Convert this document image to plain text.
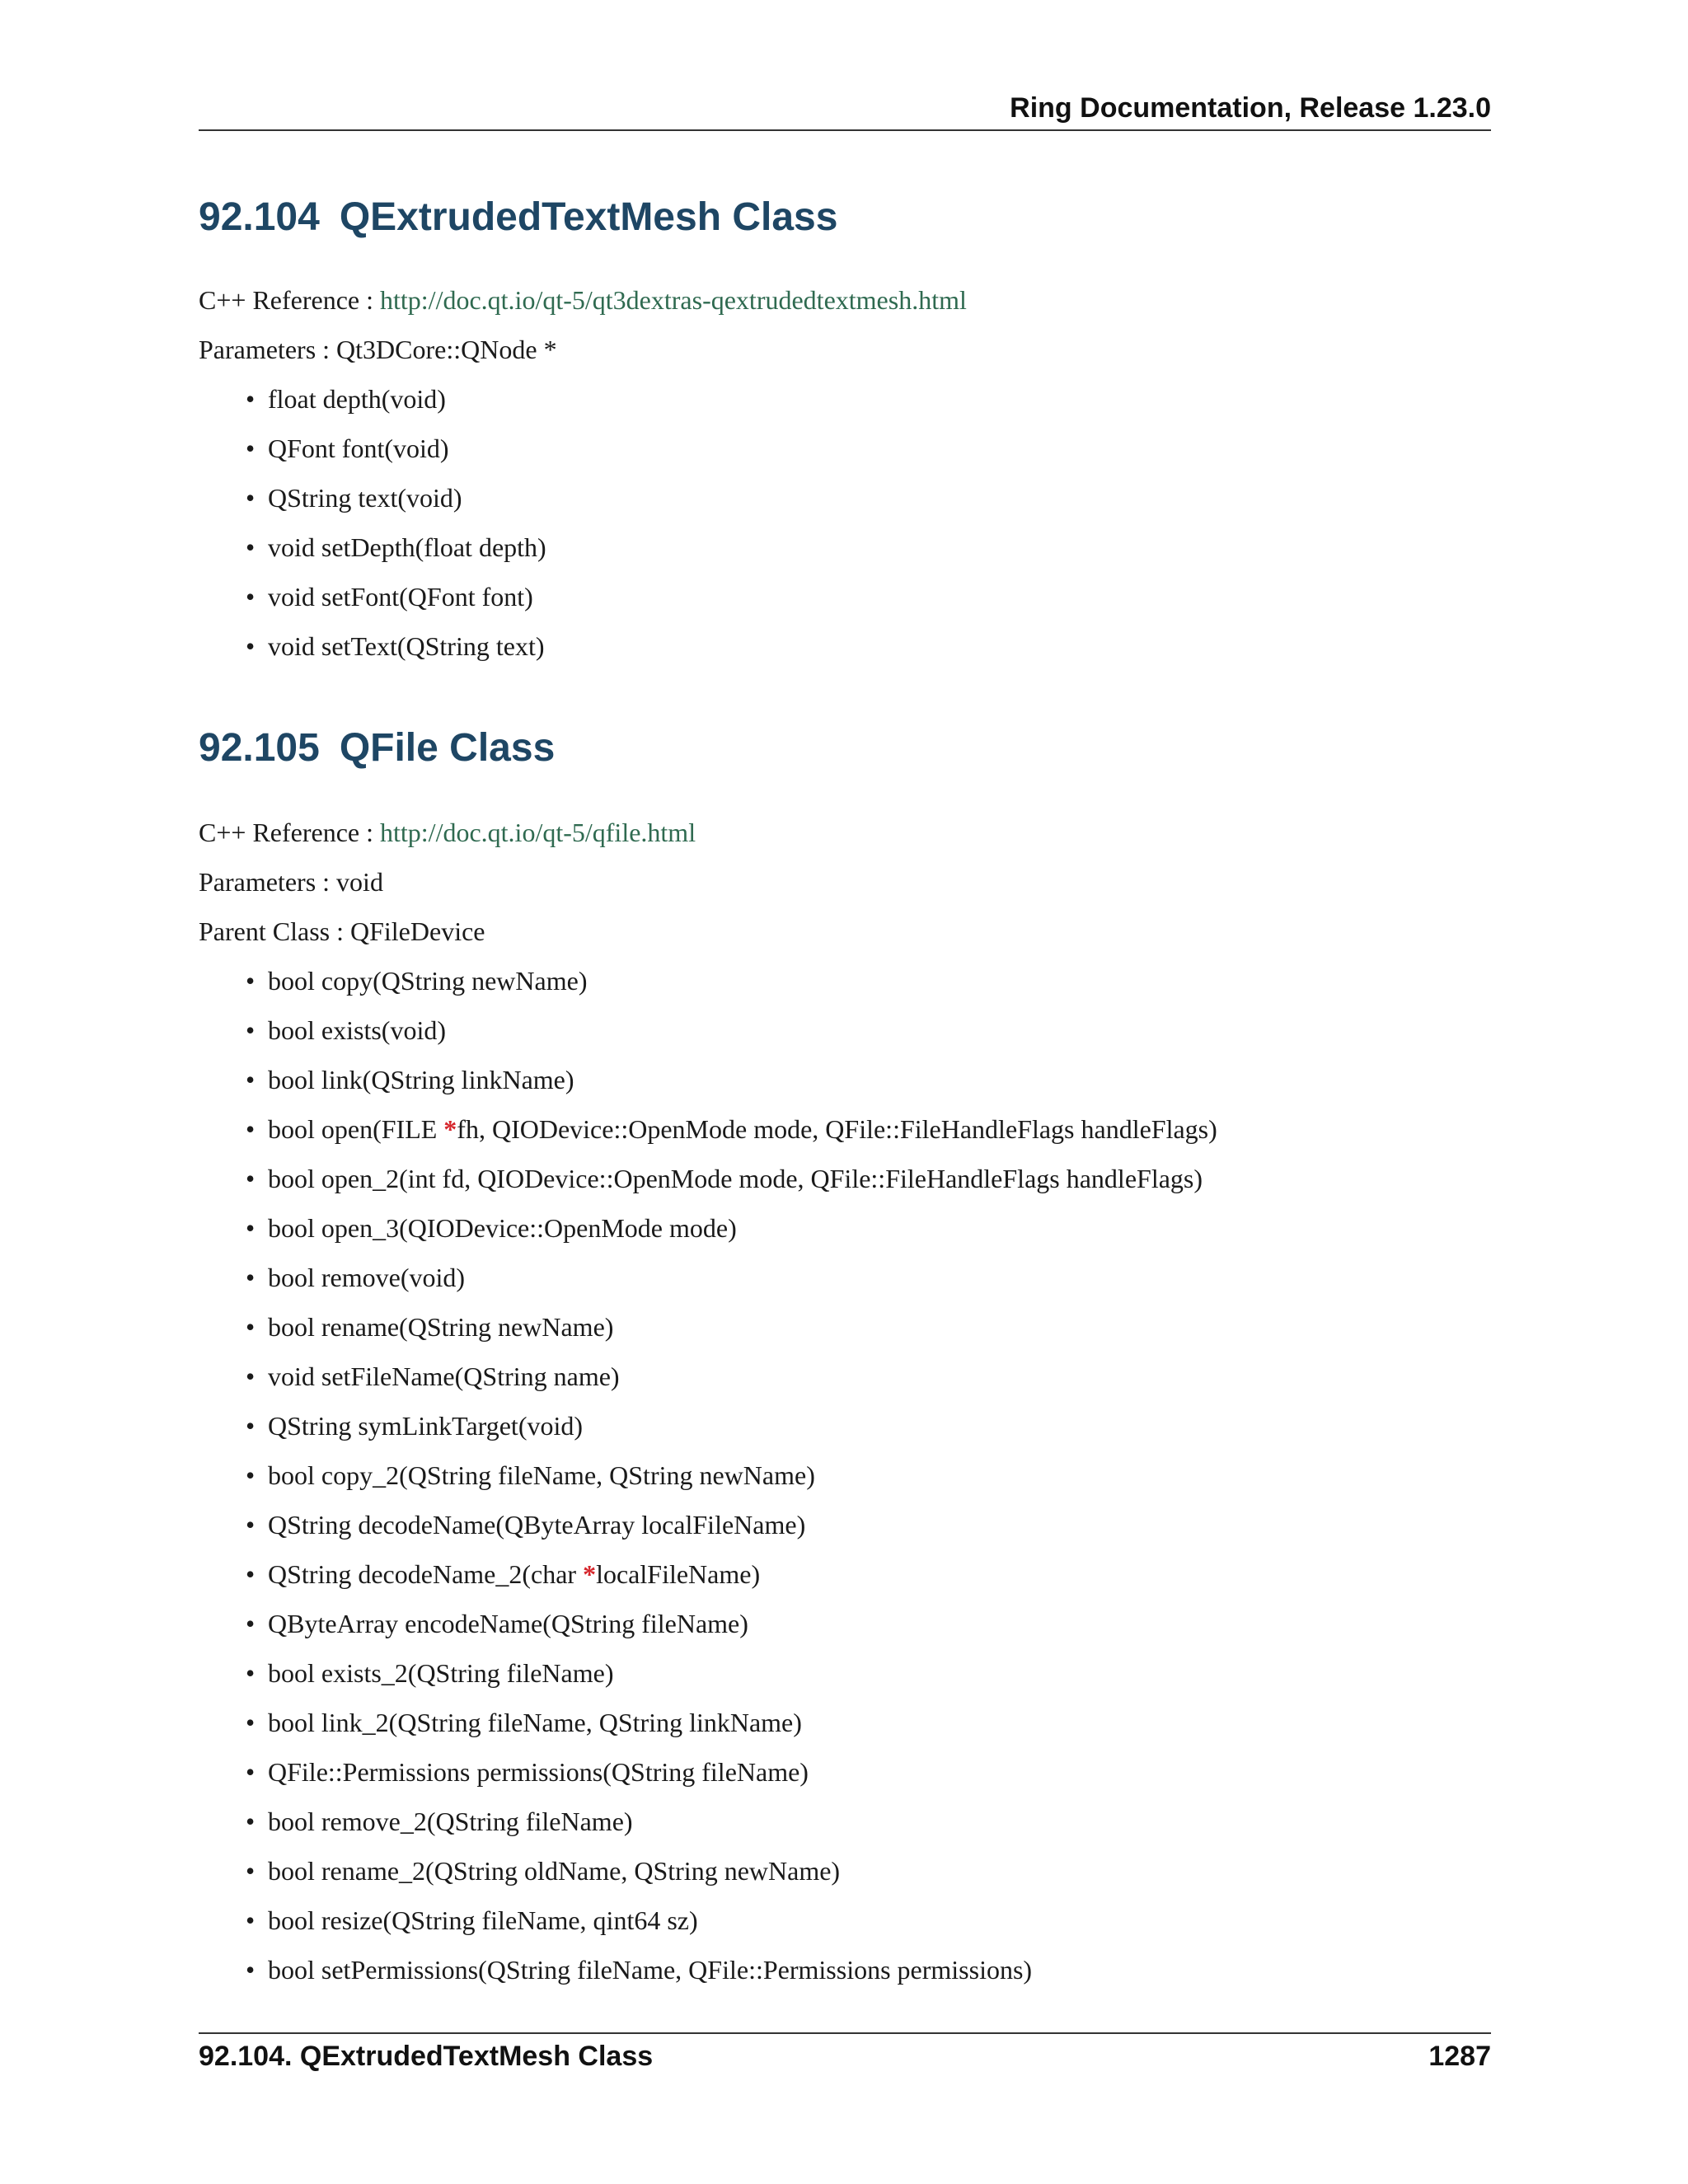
Ring Documentation, Release 1.23.0
92.104 QExtrudedTextMesh Class
C++ Reference : http://doc.qt.io/qt-5/qt3dextras-qextrudedtextmesh.html
Parameters : Qt3DCore::QNode *
• float depth(void)
• QFont font(void)
• QString text(void)
• void setDepth(float depth)
• void setFont(QFont font)
• void setText(QString text)
92.105 QFile Class
C++ Reference : http://doc.qt.io/qt-5/qfile.html
Parameters : void
Parent Class : QFileDevice
• bool copy(QString newName)
• bool exists(void)
• bool link(QString linkName)
• bool open(FILE *fh, QIODevice::OpenMode mode, QFile::FileHandleFlags handleFlags)
• bool open_2(int fd, QIODevice::OpenMode mode, QFile::FileHandleFlags handleFlags)
• bool open_3(QIODevice::OpenMode mode)
• bool remove(void)
• bool rename(QString newName)
• void setFileName(QString name)
• QString symLinkTarget(void)
• bool copy_2(QString fileName, QString newName)
• QString decodeName(QByteArray localFileName)
• QString decodeName_2(char *localFileName)
• QByteArray encodeName(QString fileName)
• bool exists_2(QString fileName)
• bool link_2(QString fileName, QString linkName)
• QFile::Permissions permissions(QString fileName)
• bool remove_2(QString fileName)
• bool rename_2(QString oldName, QString newName)
• bool resize(QString fileName, qint64 sz)
• bool setPermissions(QString fileName, QFile::Permissions permissions)
92.104. QExtrudedTextMesh Class	1287
